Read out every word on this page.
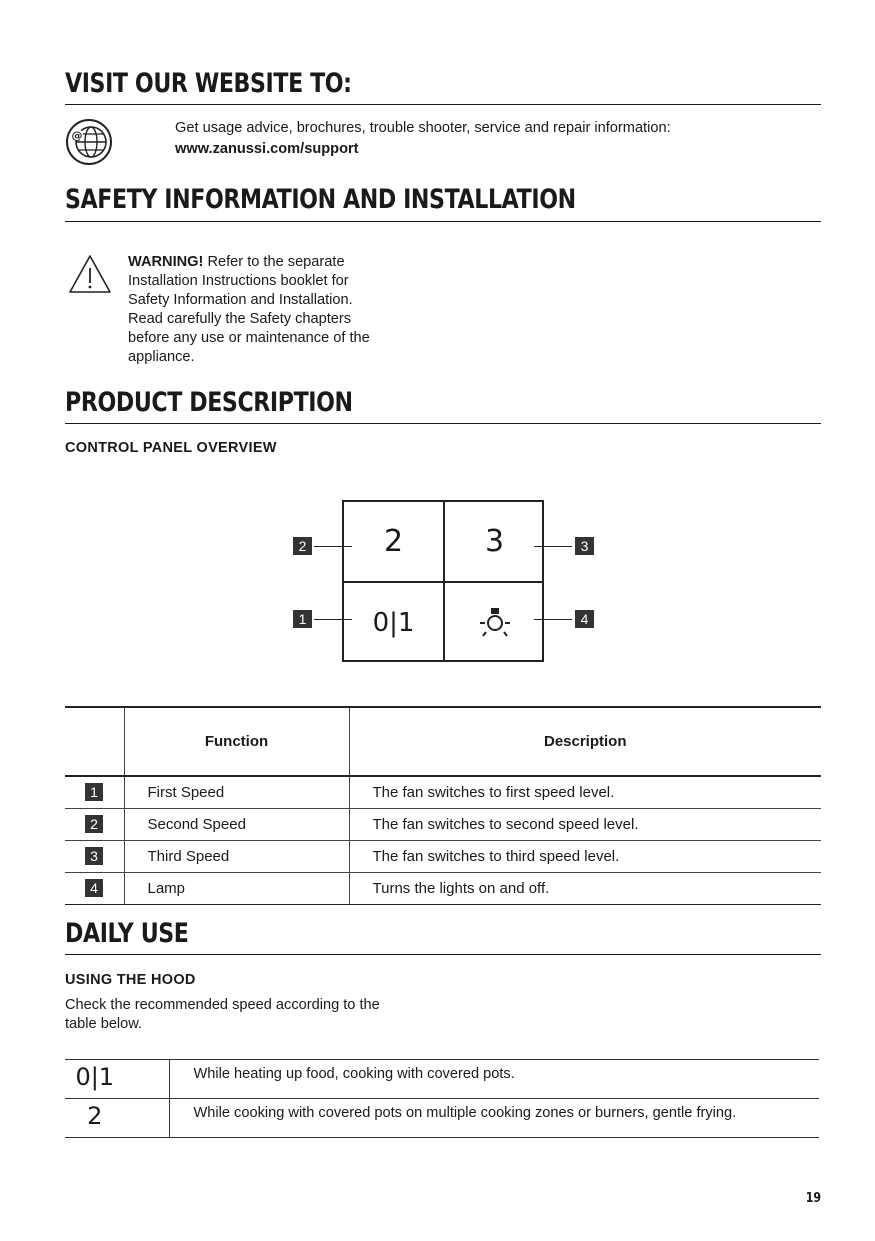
VISIT OUR WEBSITE TO:
@	Get usage advice, brochures, trouble shooter, service and repair information:
www.zanussi.com/support
SAFETY INFORMATION AND INSTALLATION
WARNING! Refer to the separate
Installation Instructions booklet for
Safety Information and Installation.
Read carefully the Safety chapters
before any use or maintenance of the
appliance.
PRODUCT DESCRIPTION
CONTROL PANEL OVERVIEW
2	3
0|1
2
1
3
4
	Function	Description
1	First Speed	The fan switches to first speed level.
2	Second Speed	The fan switches to second speed level.
3	Third Speed	The fan switches to third speed level.
4	Lamp	Turns the lights on and off.
DAILY USE
USING THE HOOD
Check the recommended speed according to the
table below.
0|1	While heating up food, cooking with covered pots.
2	While cooking with covered pots on multiple cooking zones or burners, gentle frying.
19
